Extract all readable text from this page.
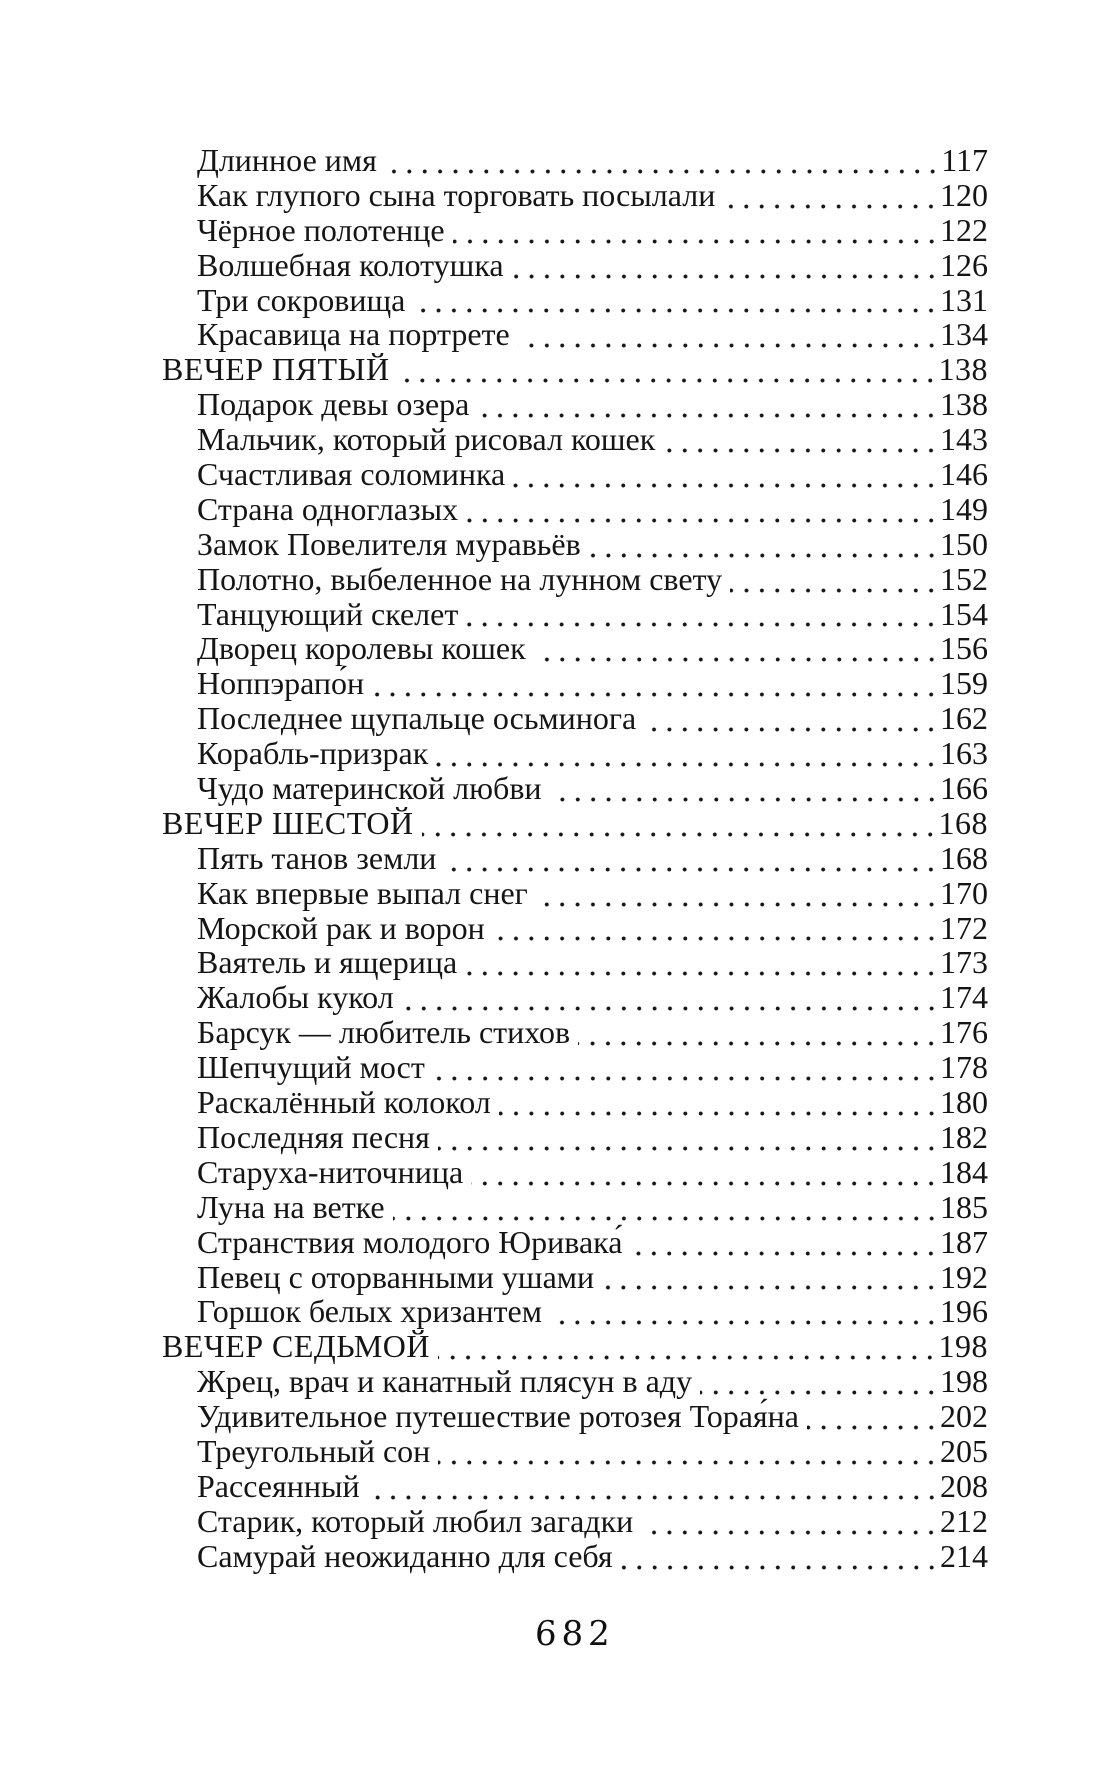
Длинное имя	117
Как глупого сына торговать посылали	120
Чёрное полотенце	122
Волшебная колотушка	126
Три сокровища	131
Красавица на портрете	134
ВЕЧЕР ПЯТЫЙ	138
Подарок девы озера	138
Мальчик, который рисовал кошек	143
Счастливая соломинка	146
Страна одноглазых	149
Замок Повелителя муравьёв	150
Полотно, выбеленное на лунном свету	152
Танцующий скелет	154
Дворец королевы кошек	156
Ноппэрапо́н	159
Последнее щупальце осьминога	162
Корабль-призрак	163
Чудо материнской любви	166
ВЕЧЕР ШЕСТОЙ	168
Пять танов земли	168
Как впервые выпал снег	170
Морской рак и ворон	172
Ваятель и ящерица	173
Жалобы кукол	174
Барсук — любитель стихов	176
Шепчущий мост	178
Раскалённый колокол	180
Последняя песня	182
Старуха-ниточница	184
Луна на ветке	185
Странствия молодого Юривака́	187
Певец с оторванными ушами	192
Горшок белых хризантем	196
ВЕЧЕР СЕДЬМОЙ	198
Жрец, врач и канатный плясун в аду	198
Удивительное путешествие ротозея Торая́на	202
Треугольный сон	205
Рассеянный	208
Старик, который любил загадки	212
Самурай неожиданно для себя	214
682
